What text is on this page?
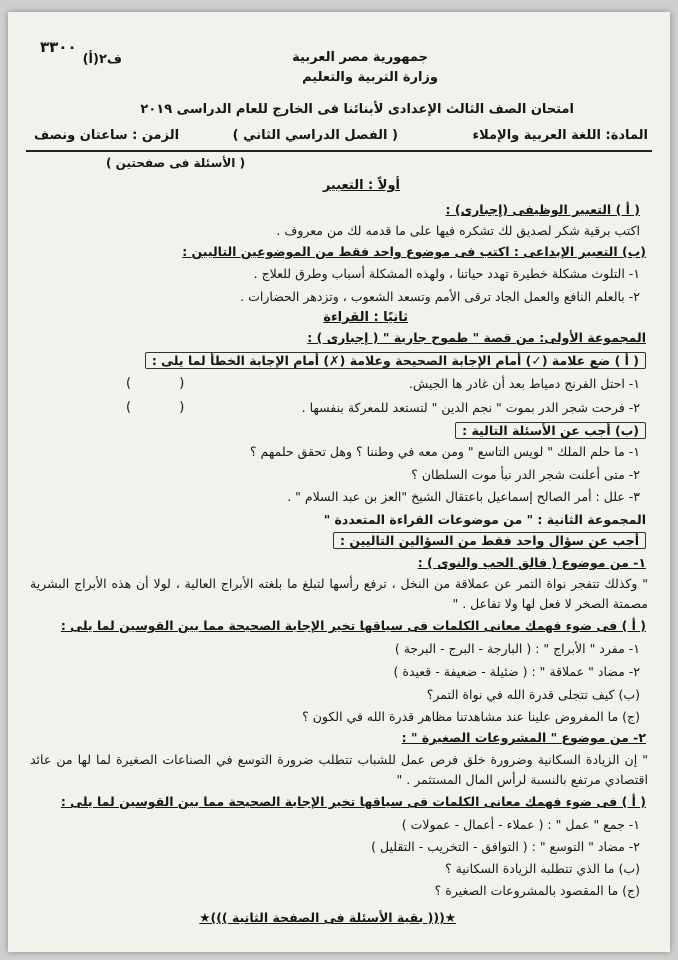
٣٣٠٠
ف٢(أ)	جمهورية مصر العربية
وزارة التربية والتعليم
امتحان الصف الثالث الإعدادى لأبنائنا فى الخارج للعام الدراسى ٢٠١٩
المادة: اللغة العربية والإملاء
( الفصل الدراسي الثاني )
الزمن : ساعتان ونصف
( الأسئلة فى صفحتين )
أولاً : التعبير
( أ ) التعبير الوظيفى (إجبارى) :
اكتب برقية شكر لصديق لك تشكره فيها على ما قدمه لك من معروف .
(ب) التعبير الإبداعى : اكتب فى موضوع واحد فقط من الموضوعين التاليين :
١- التلوث مشكلة خطيرة تهدد حياتنا ، ولهذه المشكلة أسباب وطرق للعلاج .
٢- بالعلم النافع والعمل الجاد ترقى الأمم وتسعد الشعوب ، وتزدهر الحضارات .
ثانيًا : القراءة
المجموعة الأولى: من قصة " طموح جارية " ( إجبارى ) :
( أ ) ضع علامة (✓) أمام الإجابة الصحيحة وعلامة (✗) أمام الإجابة الخطأ لما يلى :
١- احتل الفرنج دمياط بعد أن غادر ها الجيش.
( )
٢- فرحت شجر الدر بموت " نجم الدين " لتستعد للمعركة بنفسها .
( )
(ب) أجب عن الأسئلة التالية :
١- ما حلم الملك " لويس التاسع " ومن معه في وطننا ؟ وهل تحقق حلمهم ؟
٢- متى أعلنت شجر الدر نبأ موت السلطان ؟
٣- علل : أمر الصالح إسماعيل باعتقال الشيخ "العز بن عبد السلام " .
المجموعة الثانية : " من موضوعات القراءة المتعددة "
أجب عن سؤال واحد فقط من السؤالين التاليين :
١- من موضوع ( فالق الحب والنوى ) :
" وكذلك تتفجر نواة التمر عن عملاقة من النخل ، ترفع رأسها لتبلغ ما بلغته الأبراج العالية ، لولا أن هذه الأبراج البشرية مصمتة الصخر لا فعل لها ولا تفاعل . "
( أ ) فى ضوء فهمك معانى الكلمات فى سياقها تخير الإجابة الصحيحة مما بين القوسين لما يلى :
١- مفرد " الأبراج " : ( البارجة - البرج - البرجة )
٢- مضاد " عملاقة " : ( ضئيلة - ضعيفة - قعيدة )
(ب) كيف تتجلى قدرة الله في نواة التمر؟
(ج) ما المفروض علينا عند مشاهدتنا مظاهر قدرة الله في الكون ؟
٢- من موضوع " المشروعات الصغيرة " :
" إن الزيادة السكانية وضرورة خلق فرص عمل للشباب تتطلب ضرورة التوسع في الصناعات الصغيرة لما لها من عائد اقتصادي مرتفع بالنسبة لرأس المال المستثمر . "
( أ ) فى ضوء فهمك معانى الكلمات فى سياقها تخير الإجابة الصحيحة مما بين القوسين لما يلى :
١- جمع " عمل " : ( عملاء - أعمال - عمولات )
٢- مضاد " التوسع " : ( التوافق - التخريب - التقليل )
(ب) ما الذي تتطلبه الزيادة السكانية ؟
(ج) ما المقصود بالمشروعات الصغيرة ؟
★((( بقية الأسئلة فى الصفحة الثانية )))★
